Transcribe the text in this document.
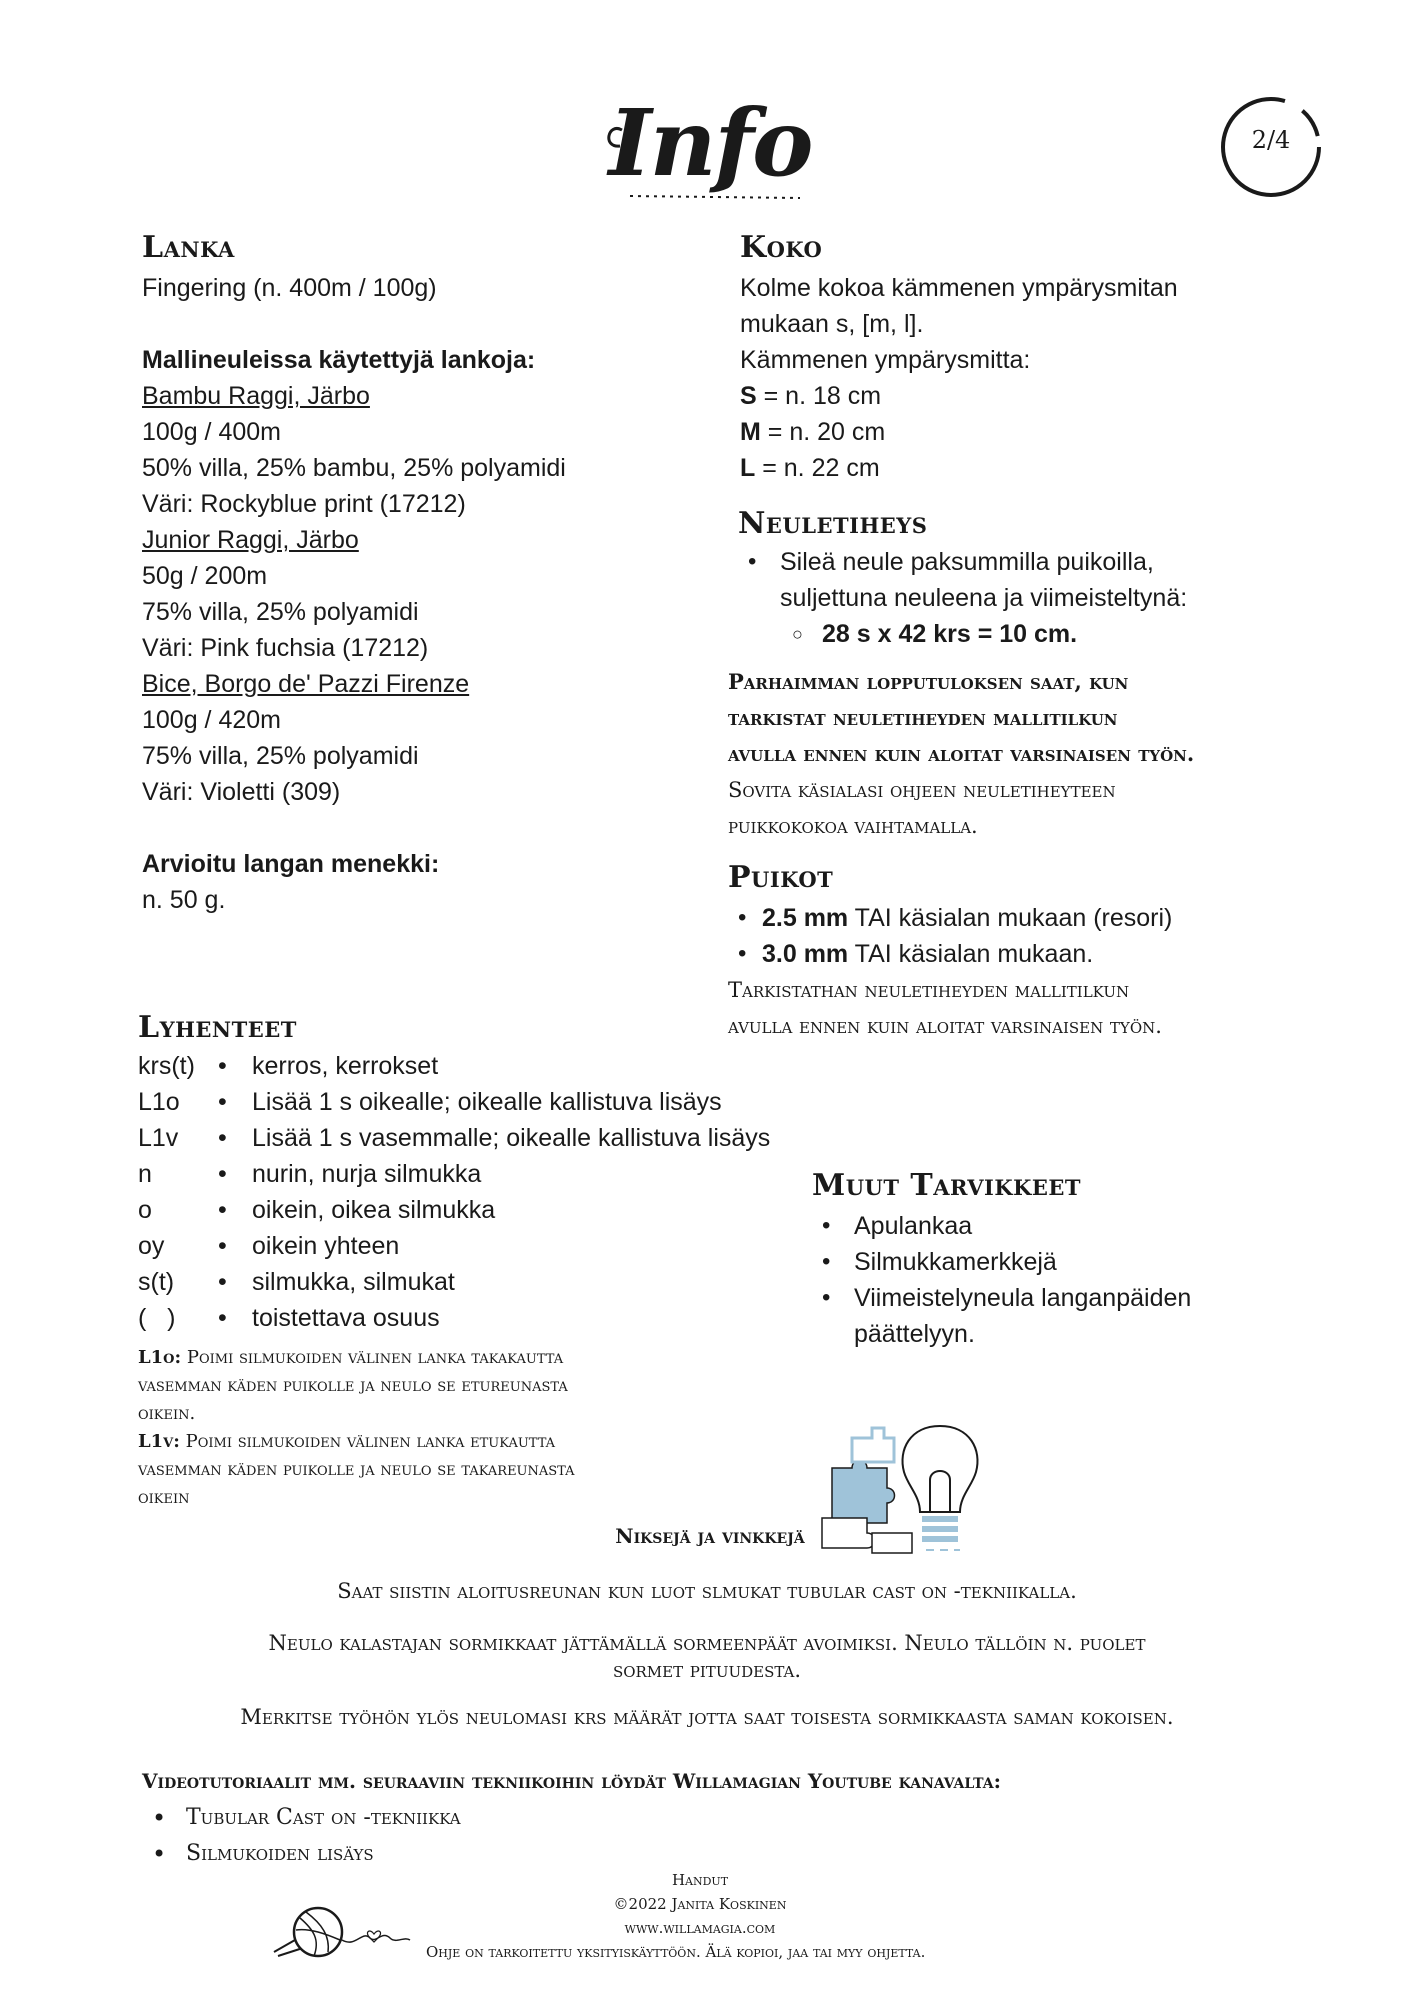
Info	2/4
Lanka
Fingering (n. 400m / 100g)
Mallineuleissa käytettyjä lankoja:
Bambu Raggi, Järbo
100g / 400m
50% villa, 25% bambu, 25% polyamidi
Väri: Rockyblue print (17212)
Junior Raggi, Järbo
50g / 200m
75% villa, 25% polyamidi
Väri: Pink fuchsia (17212)
Bice, Borgo de' Pazzi Firenze
100g / 420m
75% villa, 25% polyamidi
Väri: Violetti (309)
Arvioitu langan menekki:
n. 50 g.
Koko
Kolme kokoa kämmenen ympärysmitan
mukaan s, [m, l].
Kämmenen ympärysmitta:
S = n. 18 cm
M = n. 20 cm
L = n. 22 cm
Neuletiheys
• Sileä neule paksummilla puikoilla,
suljettuna neuleena ja viimeisteltynä:
○ 28 s x 42 krs = 10 cm.
Parhaimman lopputuloksen saat, kun
tarkistat neuletiheyden mallitilkun
avulla ennen kuin aloitat varsinaisen työn.
Sovita käsialasi ohjeen neuletiheyteen
puikkokokoa vaihtamalla.
Puikot
• 2.5 mm TAI käsialan mukaan (resori)
• 3.0 mm TAI käsialan mukaan.
Tarkistathan neuletiheyden mallitilkun
avulla ennen kuin aloitat varsinaisen työn.
Lyhenteet
krs(t) •	kerros, kerrokset
L1o	•	Lisää 1 s oikealle; oikealle kallistuva lisäys
L1v	•	Lisää 1 s vasemmalle; oikealle kallistuva lisäys
n	•	nurin, nurja silmukka
o	•	oikein, oikea silmukka
oy	•	oikein yhteen
s(t)	•	silmukka, silmukat
(   )	•	toistettava osuus
L1o: Poimi silmukoiden välinen lanka takakautta
vasemman käden puikolle ja neulo se etureunasta
oikein.
L1v: Poimi silmukoiden välinen lanka etukautta
vasemman käden puikolle ja neulo se takareunasta
oikein
Muut Tarvikkeet
• Apulankaa
• Silmukkamerkkejä
• Viimeistelyneula langanpäiden
päättelyyn.
Niksejä ja vinkkejä
Saat siistin aloitusreunan kun luot slmukat tubular cast on -tekniikalla.
Neulo kalastajan sormikkaat jättämällä sormeenpäät avoimiksi. Neulo tällöin n. puolet
sormet pituudesta.
Merkitse työhön ylös neulomasi krs määrät jotta saat toisesta sormikkaasta saman kokoisen.
Videotutoriaalit mm. seuraaviin tekniikoihin löydät Willamagian Youtube kanavalta:
• Tubular Cast on -tekniikka
• Silmukoiden lisäys
Handut
©2022 Janita Koskinen
www.willamagia.com
Ohje on tarkoitettu yksityiskäyttöön. Älä kopioi, jaa tai myy ohjetta.
